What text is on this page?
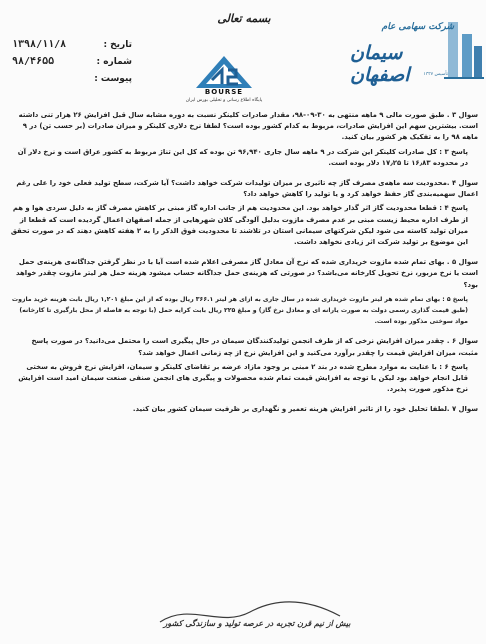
بسمه تعالی
تاریخ :
۱۳۹۸/۱۱/۸
شماره :
۹۸/۴۶۵۵
پیوست :
BOURSE
پایگاه اطلاع رسانی و تحلیلی بورس ایران
شرکت سهامی عام
سیمان اصفهان	تأسیس ۱۳۳۷
سوال ۳ . طبق صورت مالی ۹ ماهه منتهی به ۳۰-۰۹-۹۸، مقدار صادرات کلینکر نسبت به دوره مشابه سال قبل افزایش ۲۶ هزار تنی داشته است. بیشترین سهم این افزایش صادرات، مربوط به کدام کشور بوده است؟ لطفا نرخ دلاری کلینکر و میزان صادرات (بر حسب تن) در ۹ ماهه ۹۸ را به تفکیک هر کشور بیان کنید.
پاسخ ۳ : کل صادرات کلینکر این شرکت در ۹ ماهه سال جاری ۹۶,۹۴۰ تن بوده که کل این تناژ مربوط به کشور عراق است و نرخ دلار آن در محدوده ۱۶٫۸۳ تا ۱۷٫۲۵ دلار بوده است.
سوال ۴ .محدودیت سه ماهه‌ی مصرف گاز چه تاثیری بر میزان تولیدات شرکت خواهد داشت؟ آیا شرکت، سطح تولید فعلی خود را علی رغم اعمال سهمیه‌بندی گاز حفظ خواهد کرد و یا تولید را کاهش خواهد داد؟
پاسخ ۴ : قطعا محدودیت گاز اثر گذار خواهد بود. این محدودیت هم از جانب اداره گاز مبنی بر کاهش مصرف گاز به دلیل سردی هوا و هم از طرف اداره محیط زیست مبنی بر عدم مصرف مازوت بدلیل آلودگی کلان شهرهایی از جمله اصفهان اعمال گردیده است که قطعا از میزان تولید کاسته می شود لیکن شرکتهای سیمانی استان در تلاشند تا محدودیت فوق الذکر را به ۲ هفته کاهش دهند که در صورت تحقق این موضوع بر تولید شرکت اثر زیادی نخواهد داشت.
سوال ۵ . بهای تمام شده مازوت خریداری شده که نرخ آن معادل گاز مصرفی اعلام شده است آیا با در نظر گرفتن جداگانه‌ی هزینه‌ی حمل است یا نرخ مزبور، نرخ تحویل کارخانه می‌باشد؟ در صورتی که هزینه‌ی حمل جداگانه حساب میشود هزینه حمل هر لیتر مازوت چقدر خواهد بود؟
پاسخ ۵ : بهای تمام شده هر لیتر مازوت خریداری شده در سال جاری به ازای هر لیتر ۳۶۶.۱ ریال بوده که از این مبلغ ۱,۲۰۱ ریال بابت هزینه خرید مازوت (طبق قیمت گذاری رسمی دولت به صورت یارانه ای و معادل نرخ گاز) و مبلغ ۲۲۵ ریال بابت کرایه حمل (با توجه به فاصله از محل بارگیری تا کارخانه) مواد سوختی مذکور بوده است.
سوال ۶ . چقدر میزان افزایش نرخی که از طرف انجمن تولیدکنندگان سیمان در حال پیگیری است را محتمل می‌دانید؟ در صورت پاسخ مثبت، میزان افزایش قیمت را چقدر برآورد می‌کنید و این افزایش نرخ از چه زمانی اعمال خواهد شد؟
پاسخ ۶ : با عنایت به موارد مطرح شده در بند ۲ مبنی بر وجود مازاد عرضه بر تقاضای کلینکر و سیمان، افزایش نرخ فروش به سختی قابل انجام خواهد بود لیکن با توجه به افزایش قیمت تمام شده محصولات و پیگیری های انجمن صنفی صنعت سیمان امید است افزایش نرخ مذکور صورت پذیرد.
سوال ۷ .لطفا تحلیل خود را از تاثیر افزایش هزینه تعمیر و نگهداری بر ظرفیت سیمان کشور بیان کنید.
بیش از نیم قرن تجربه در عرصه تولید و سازندگی کشور
